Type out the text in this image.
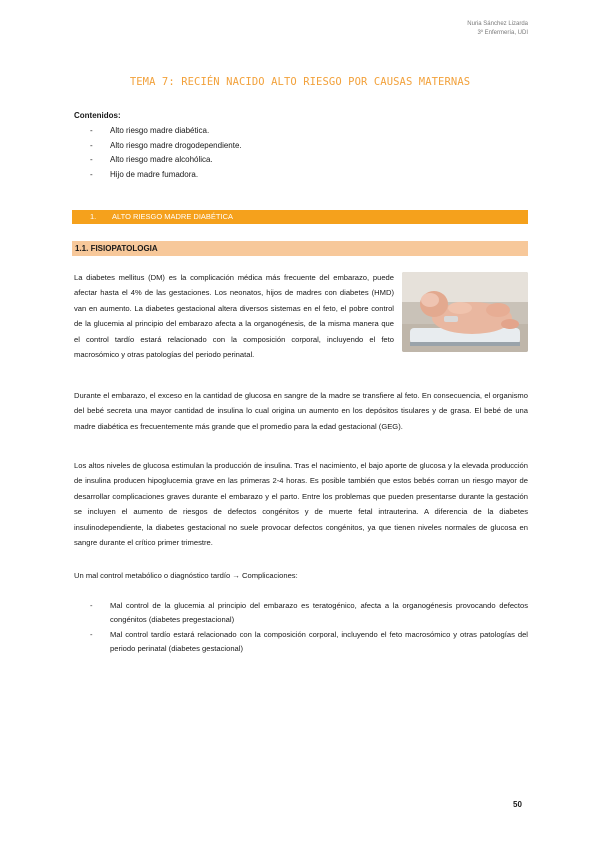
Nuria Sánchez Lizarda
3º Enfermería, UDI
TEMA 7: RECIÉN NACIDO ALTO RIESGO POR CAUSAS MATERNAS
Contenidos:
- Alto riesgo madre diabética.
- Alto riesgo madre drogodependiente.
- Alto riesgo madre alcohólica.
- Hijo de madre fumadora.
1. ALTO RIESGO MADRE DIABÉTICA
1.1. FISIOPATOLOGIA

La diabetes mellitus (DM) es la complicación médica más frecuente del embarazo, puede afectar hasta el 4% de las gestaciones. Los neonatos, hijos de madres con diabetes (HMD) van en aumento. La diabetes gestacional altera diversos sistemas en el feto, el pobre control de la glucemia al principio del embarazo afecta a la organogénesis, de la misma manera que el control tardío estará relacionado con la composición corporal, incluyendo el feto macrosómico y otras patologías del periodo perinatal.

Durante el embarazo, el exceso en la cantidad de glucosa en sangre de la madre se transfiere al feto. En consecuencia, el organismo del bebé secreta una mayor cantidad de insulina lo cual origina un aumento en los depósitos tisulares y de grasa. El bebé de una madre diabética es frecuentemente más grande que el promedio para la edad gestacional (GEG).

Los altos niveles de glucosa estimulan la producción de insulina. Tras el nacimiento, el bajo aporte de glucosa y la elevada producción de insulina producen hipoglucemia grave en las primeras 2-4 horas. Es posible también que estos bebés corran un riesgo mayor de desarrollar complicaciones graves durante el embarazo y el parto. Entre los problemas que pueden presentarse durante la gestación se incluyen el aumento de riesgos de defectos congénitos y de muerte fetal intrauterina. A diferencia de la diabetes insulinodependiente, la diabetes gestacional no suele provocar defectos congénitos, ya que tienen niveles normales de glucosa en sangre durante el crítico primer trimestre.

Un mal control metabólico o diagnóstico tardío → Complicaciones:
- Mal control de la glucemia al principio del embarazo es teratogénico, afecta a la organogénesis provocando defectos congénitos (diabetes pregestacional)
- Mal control tardío estará relacionado con la composición corporal, incluyendo el feto macrosómico y otras patologías del periodo perinatal (diabetes gestacional)
50
